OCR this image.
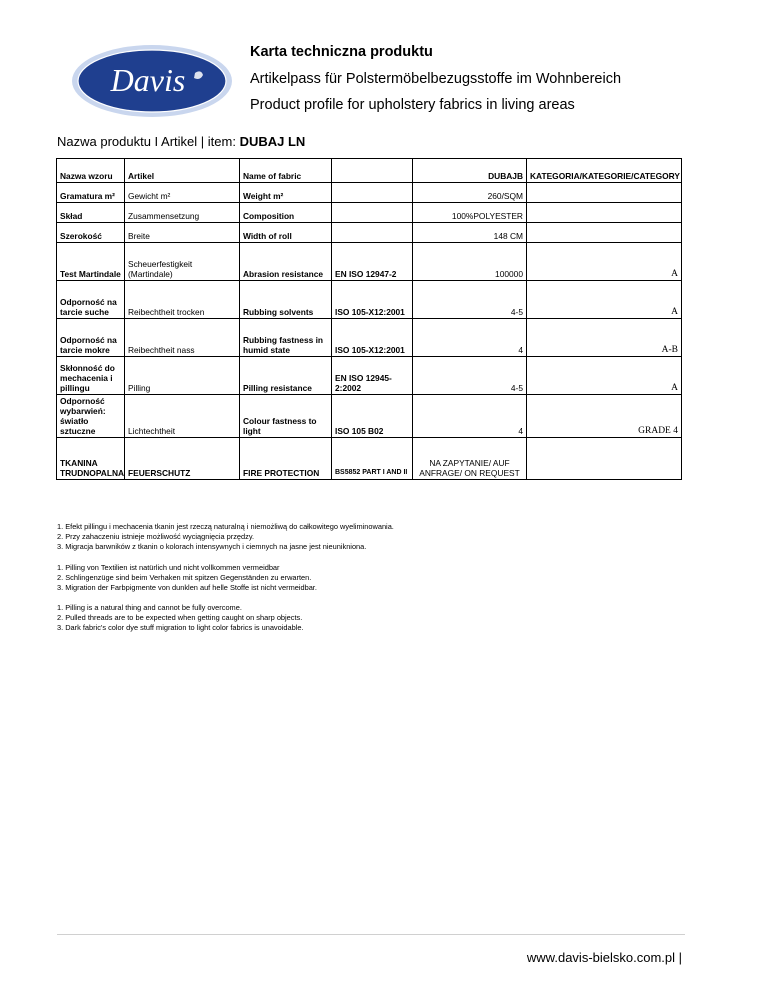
Davis
Karta techniczna produktu
Artikelpass für Polstermöbelbezugsstoffe im Wohnbereich
Product profile for upholstery fabrics in living areas
Nazwa produktu I Artikel | item: DUBAJ LN
Nazwa wzoru	Artikel	Name of fabric		DUBAJB	KATEGORIA/KATEGORIE/CATEGORY
Gramatura m²	Gewicht m²	Weight m²		260/SQM	
Skład	Zusammensetzung	Composition		100%POLYESTER	
Szerokość	Breite	Width of roll		148 CM	
Test Martindale	Scheuerfestigkeit (Martindale)	Abrasion resistance	EN ISO 12947-2	100000	A
Odporność na tarcie suche	Reibechtheit trocken	Rubbing solvents	ISO 105-X12:2001	4-5	A
Odporność na tarcie mokre	Reibechtheit nass	Rubbing fastness in humid state	ISO 105-X12:2001	4	A-B
Skłonność do mechacenia i pillingu	Pilling	Pilling resistance	EN ISO 12945-2:2002	4-5	A
Odporność wybarwień: światło sztuczne	Lichtechtheit	Colour fastness to light	ISO 105 B02	4	GRADE 4
TKANINA TRUDNOPALNA	FEUERSCHUTZ	FIRE PROTECTION	BS5852 PART I AND II	NA ZAPYTANIE/ AUF ANFRAGE/ ON REQUEST	
1. Efekt pillingu i mechacenia tkanin jest rzeczą naturalną i niemożliwą do całkowitego wyeliminowania.
2. Przy zahaczeniu istnieje możliwość wyciągnięcia przędzy.
3. Migracja barwników z tkanin o kolorach intensywnych i ciemnych na jasne jest nieunikniona.
1. Pilling von Textilien ist natürlich und nicht vollkommen vermeidbar
2. Schlingenzüge sind beim Verhaken mit spitzen Gegenständen zu erwarten.
3. Migration der Farbpigmente von dunklen auf helle Stoffe ist nicht vermeidbar.
1. Pilling is a natural thing and cannot be fully overcome.
2. Pulled threads are to be expected when getting caught on sharp objects.
3. Dark fabric's color dye stuff migration to light color fabrics is unavoidable.
www.davis-bielsko.com.pl |
